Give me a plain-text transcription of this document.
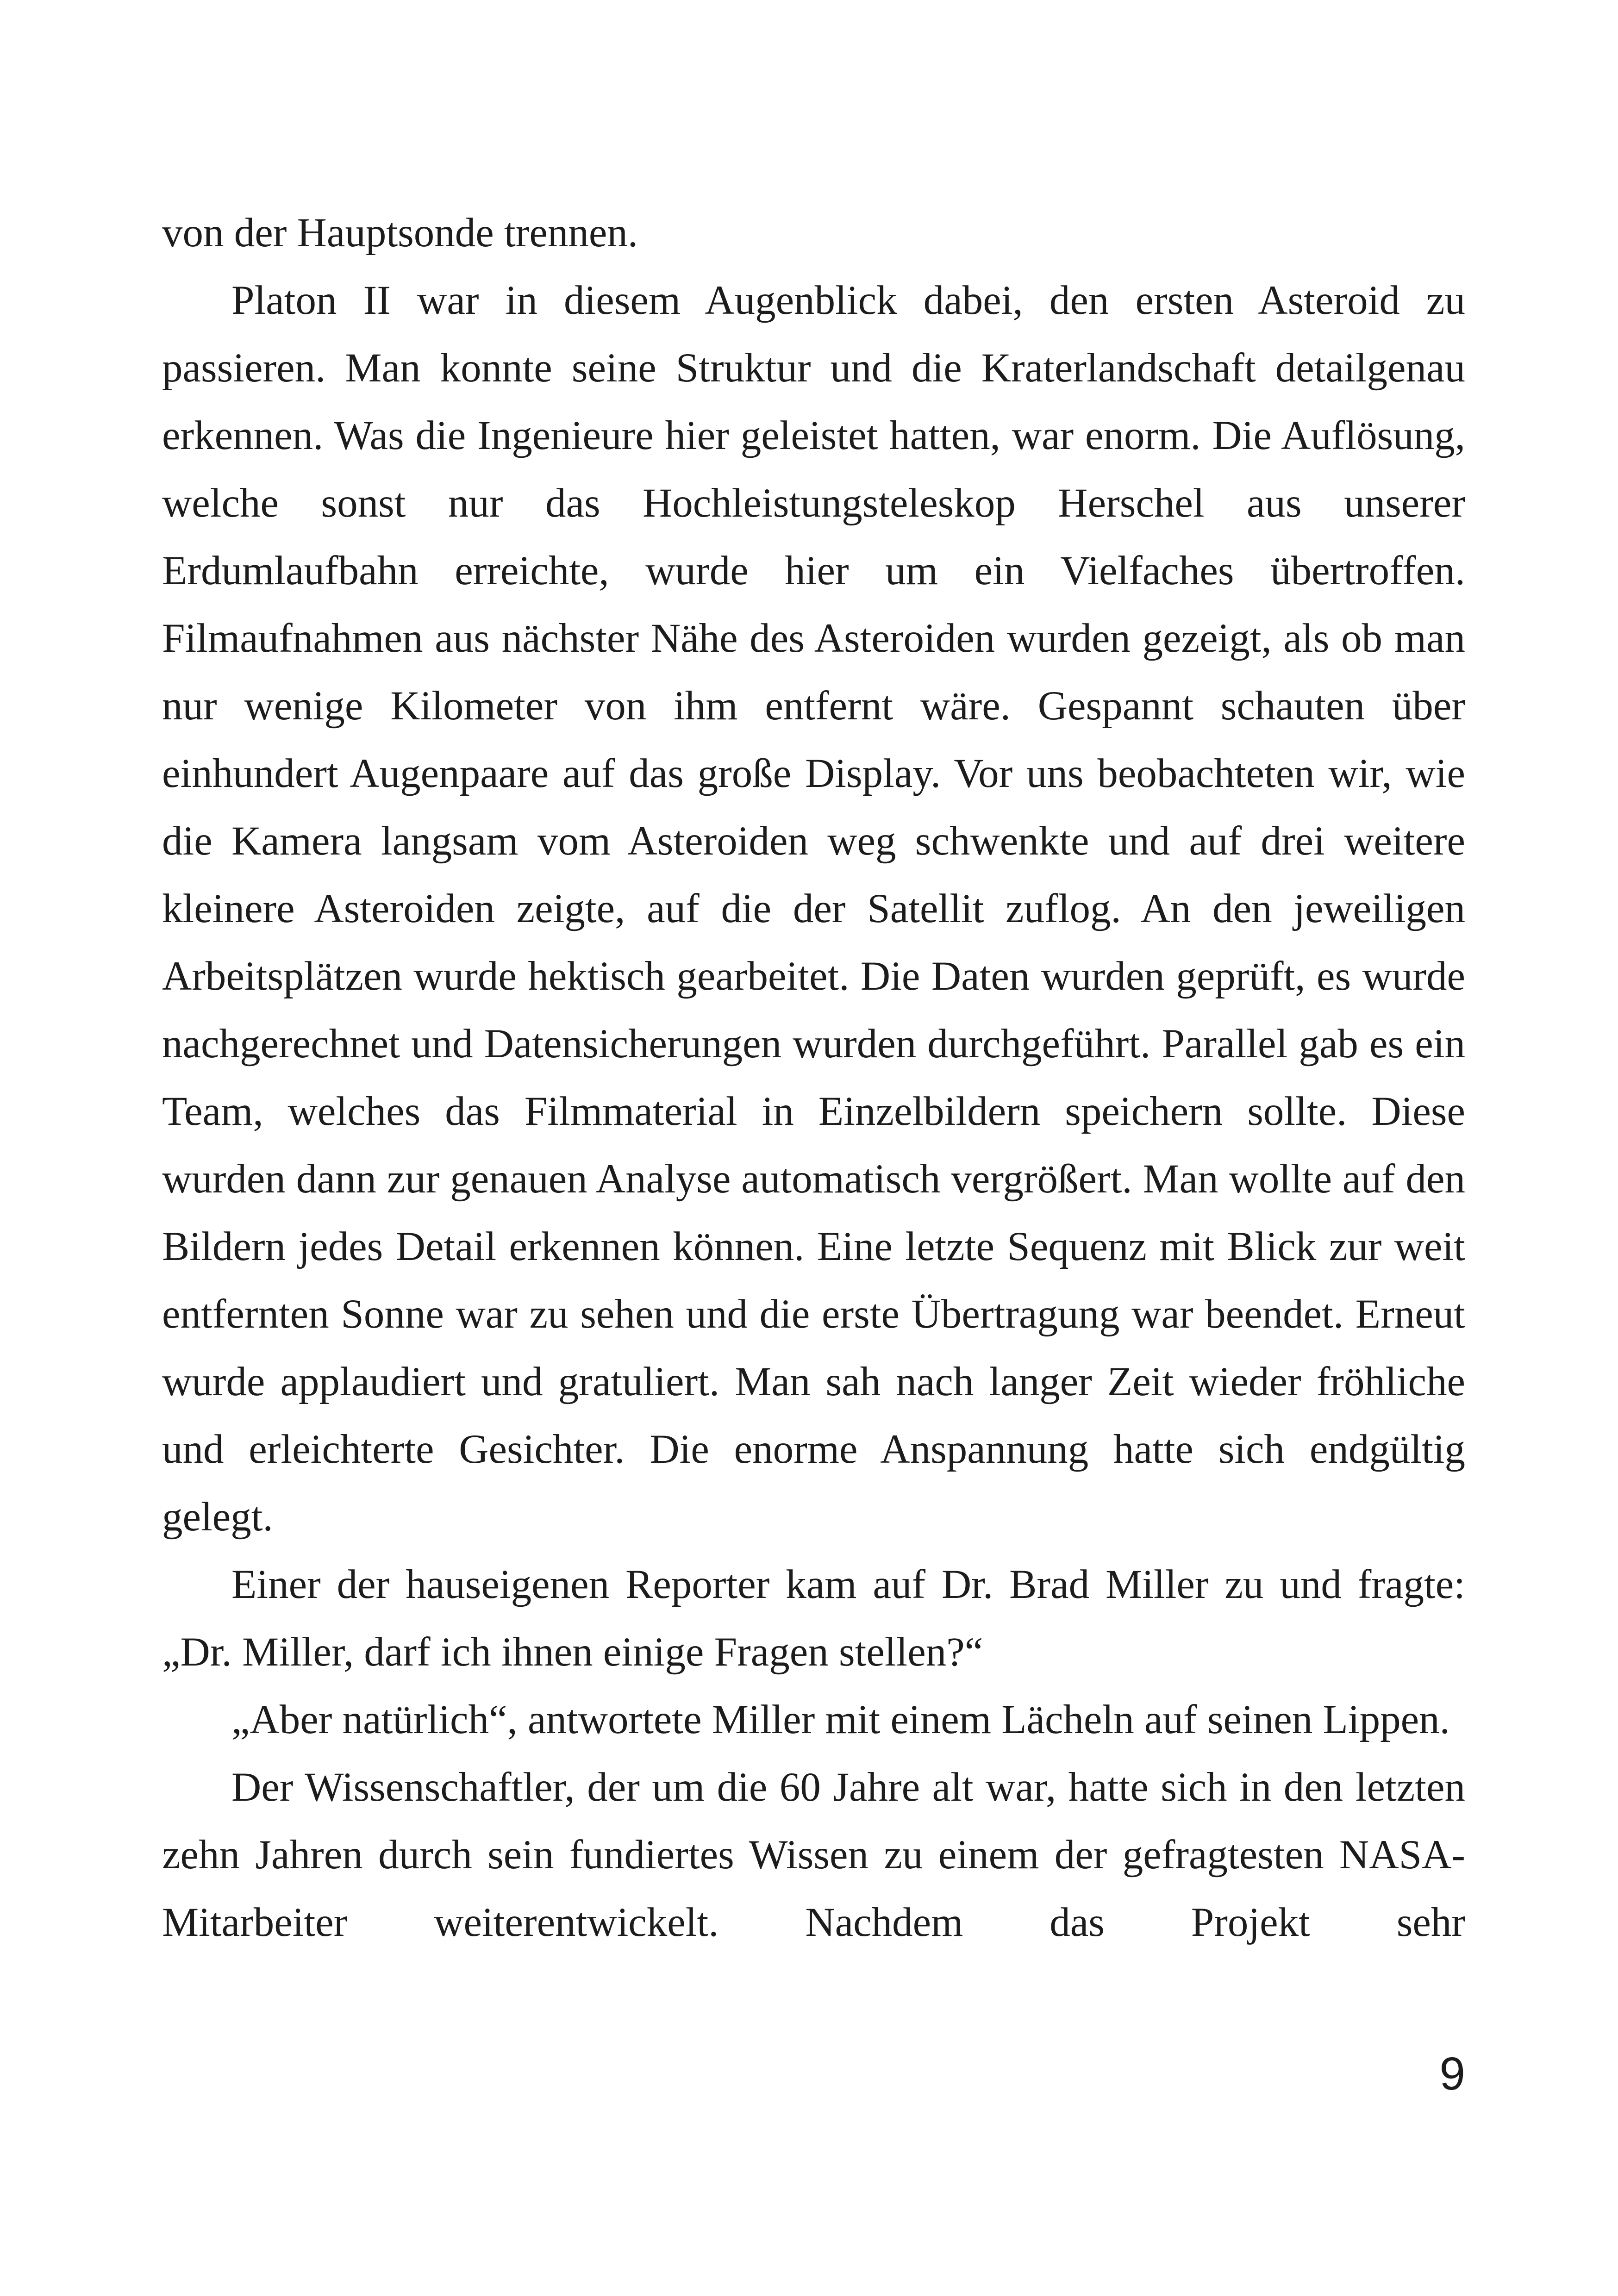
von der Hauptsonde trennen.

Platon II war in diesem Augenblick dabei, den ersten Asteroid zu passieren. Man konnte seine Struktur und die Kraterlandschaft detailgenau erkennen. Was die Ingenieure hier geleistet hatten, war enorm. Die Auflösung, welche sonst nur das Hochleistungsteleskop Herschel aus unserer Erdumlaufbahn erreichte, wurde hier um ein Vielfaches übertroffen. Filmaufnahmen aus nächster Nähe des Asteroiden wurden gezeigt, als ob man nur wenige Kilometer von ihm entfernt wäre. Gespannt schauten über einhundert Augenpaare auf das große Display. Vor uns beobachteten wir, wie die Kamera langsam vom Asteroiden weg schwenkte und auf drei weitere kleinere Asteroiden zeigte, auf die der Satellit zuflog. An den jeweiligen Arbeitsplätzen wurde hektisch gearbeitet. Die Daten wurden geprüft, es wurde nachgerechnet und Datensicherungen wurden durchgeführt. Parallel gab es ein Team, welches das Filmmaterial in Einzelbildern speichern sollte. Diese wurden dann zur genauen Analyse automatisch vergrößert. Man wollte auf den Bildern jedes Detail erkennen können. Eine letzte Sequenz mit Blick zur weit entfernten Sonne war zu sehen und die erste Übertragung war beendet. Erneut wurde applaudiert und gratuliert. Man sah nach langer Zeit wieder fröhliche und erleichterte Gesichter. Die enorme Anspannung hatte sich endgültig gelegt.

Einer der hauseigenen Reporter kam auf Dr. Brad Miller zu und fragte: „Dr. Miller, darf ich ihnen einige Fragen stellen?“

„Aber natürlich“, antwortete Miller mit einem Lächeln auf seinen Lippen.

Der Wissenschaftler, der um die 60 Jahre alt war, hatte sich in den letzten zehn Jahren durch sein fundiertes Wissen zu einem der gefragtesten NASA-Mitarbeiter weiterentwickelt. Nachdem das Projekt sehr

9
